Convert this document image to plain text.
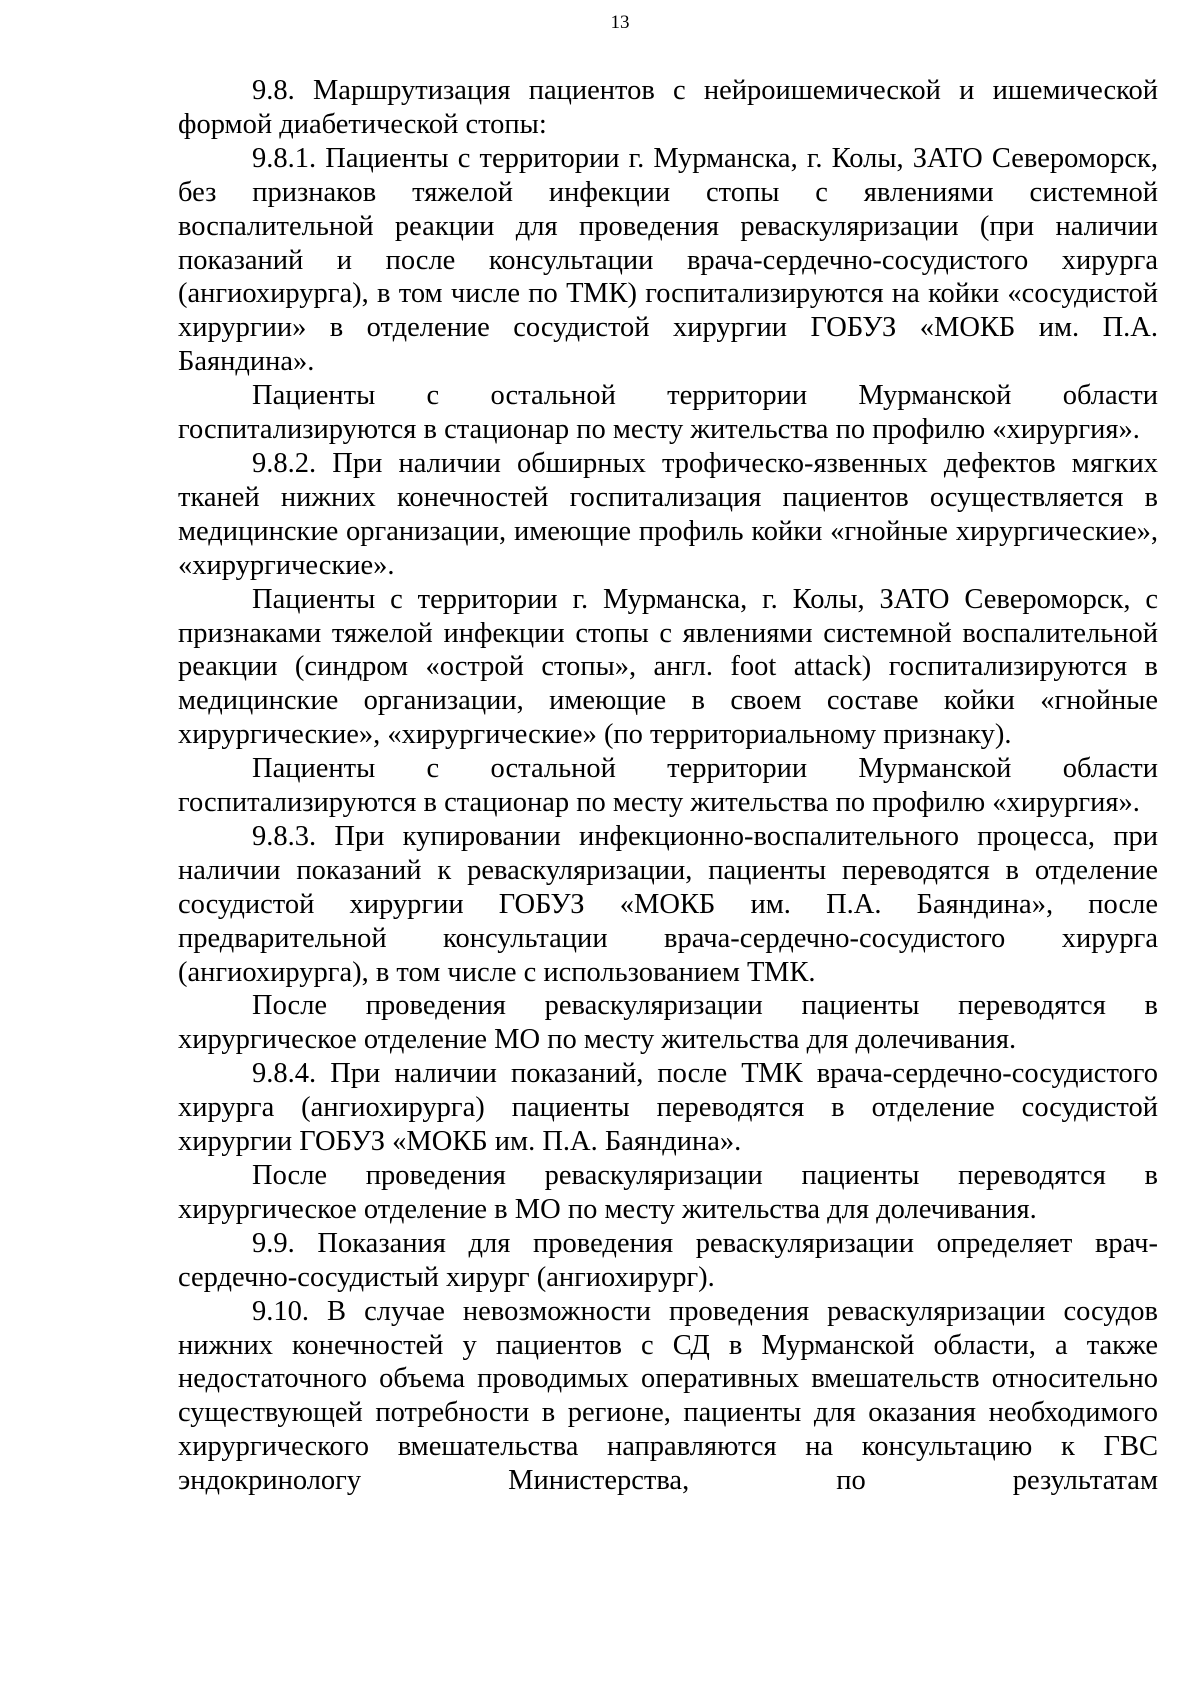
13

9.8. Маршрутизация пациентов с нейроишемической и ишемической формой диабетической стопы:

9.8.1. Пациенты с территории г. Мурманска, г. Колы, ЗАТО Североморск, без признаков тяжелой инфекции стопы с явлениями системной воспалительной реакции для проведения реваскуляризации (при наличии показаний и после консультации врача-сердечно-сосудистого хирурга (ангиохирурга), в том числе по ТМК) госпитализируются на койки «сосудистой хирургии» в отделение сосудистой хирургии ГОБУЗ «МОКБ им. П.А. Баяндина».

Пациенты с остальной территории Мурманской области госпитализируются в стационар по месту жительства по профилю «хирургия».

9.8.2. При наличии обширных трофическо-язвенных дефектов мягких тканей нижних конечностей госпитализация пациентов осуществляется в медицинские организации, имеющие профиль койки «гнойные хирургические», «хирургические».

Пациенты с территории г. Мурманска, г. Колы, ЗАТО Североморск, с признаками тяжелой инфекции стопы с явлениями системной воспалительной реакции (синдром «острой стопы», англ. foot attack) госпитализируются в медицинские организации, имеющие в своем составе койки «гнойные хирургические», «хирургические» (по территориальному признаку).

Пациенты с остальной территории Мурманской области госпитализируются в стационар по месту жительства по профилю «хирургия».

9.8.3. При купировании инфекционно-воспалительного процесса, при наличии показаний к реваскуляризации, пациенты переводятся в отделение сосудистой хирургии ГОБУЗ «МОКБ им. П.А. Баяндина», после предварительной консультации врача-сердечно-сосудистого хирурга (ангиохирурга), в том числе с использованием ТМК.

После проведения реваскуляризации пациенты переводятся в хирургическое отделение МО по месту жительства для долечивания.

9.8.4. При наличии показаний, после ТМК врача-сердечно-сосудистого хирурга (ангиохирурга) пациенты переводятся в отделение сосудистой хирургии ГОБУЗ «МОКБ им. П.А. Баяндина».

После проведения реваскуляризации пациенты переводятся в хирургическое отделение в МО по месту жительства для долечивания.

9.9. Показания для проведения реваскуляризации определяет врач-сердечно-сосудистый хирург (ангиохирург).

9.10. В случае невозможности проведения реваскуляризации сосудов нижних конечностей у пациентов с СД в Мурманской области, а также недостаточного объема проводимых оперативных вмешательств относительно существующей потребности в регионе, пациенты для оказания необходимого хирургического вмешательства направляются на консультацию к ГВС эндокринологу Министерства, по результатам
